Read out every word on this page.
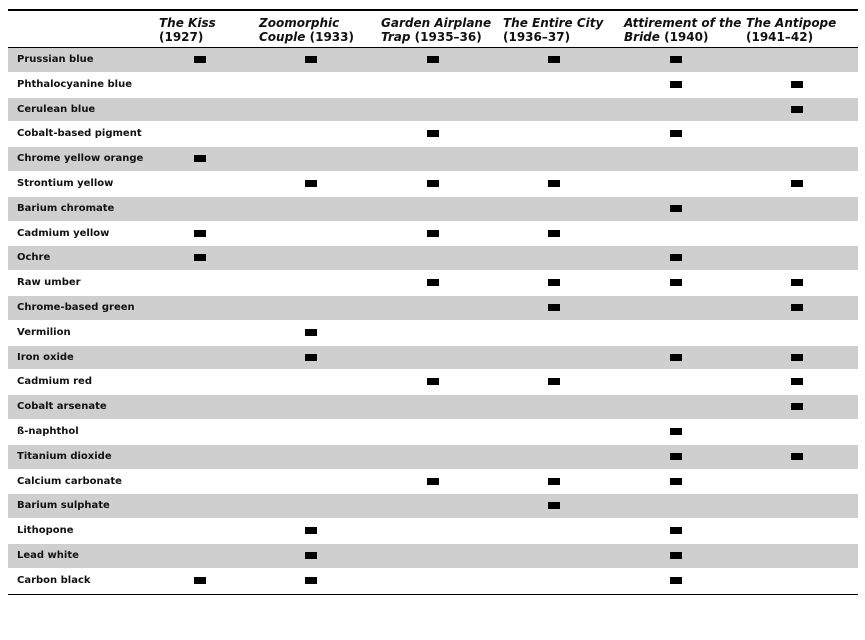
The Kiss
(1927)
Zoomorphic
Couple (1933)
Garden Airplane
Trap (1935–36)
The Entire City
(1936–37)
Attirement of the
Bride (1940)
The Antipope
(1941–42)
Prussian blue
Phthalocyanine blue
Cerulean blue
Cobalt-based pigment
Chrome yellow orange
Strontium yellow
Barium chromate
Cadmium yellow
Ochre
Raw umber
Chrome-based green
Vermilion
Iron oxide
Cadmium red
Cobalt arsenate
ß-naphthol
Titanium dioxide
Calcium carbonate
Barium sulphate
Lithopone
Lead white
Carbon black
